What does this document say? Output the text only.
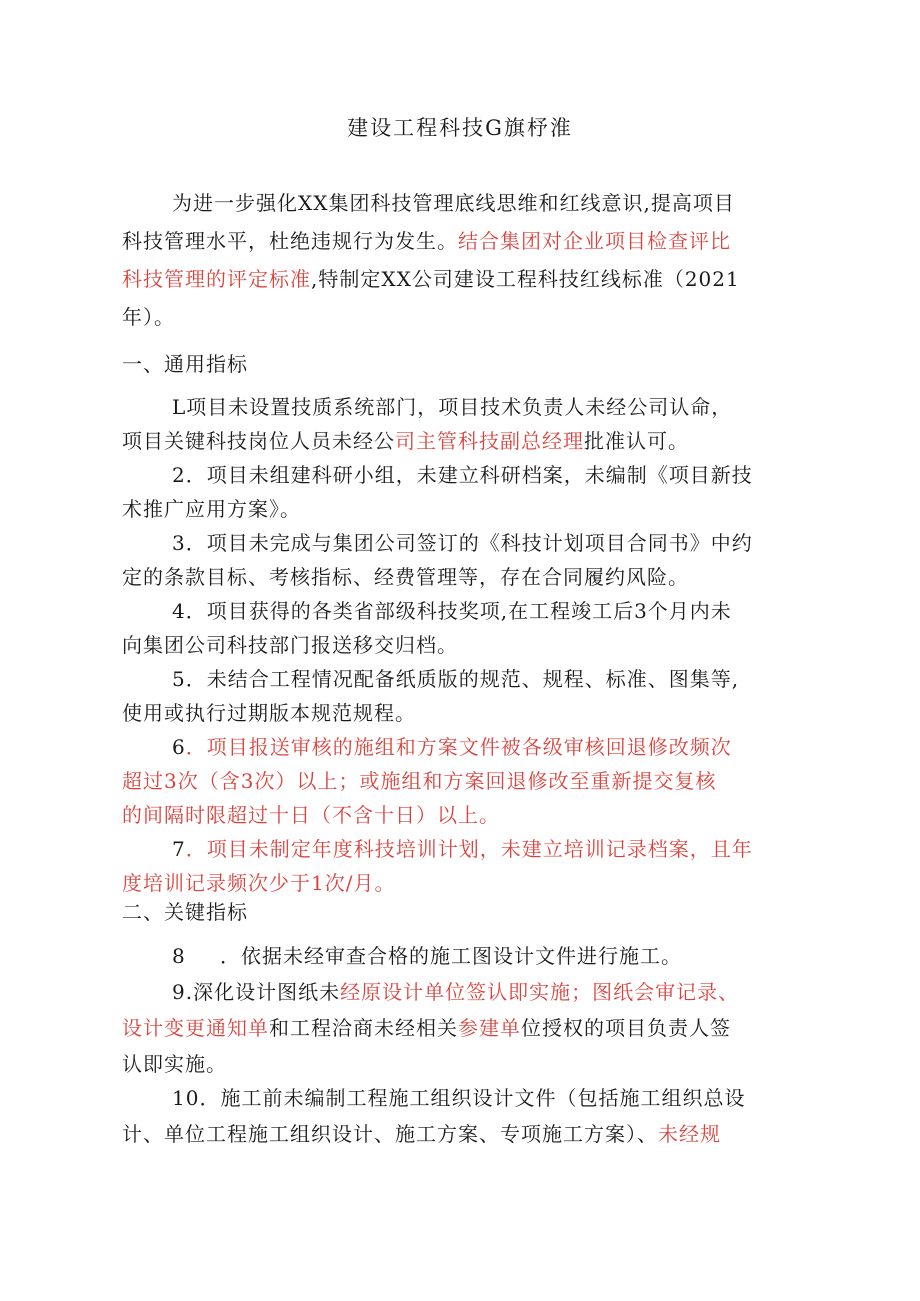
建设工程科技G旗杼淮
为进一步强化XX集团科技管理底线思维和红线意识,提高项目
科技管理水平，杜绝违规行为发生。结合集团对企业项目检查评比
科技管理的评定标准,特制定XX公司建设工程科技红线标准（2021
年）。
一、通用指标
L项目未设置技质系统部门，项目技术负责人未经公司认命，
项目关键科技岗位人员未经公司主管科技副总经理批准认可。
2．项目未组建科研小组，未建立科研档案，未编制《项目新技
术推广应用方案》。
3．项目未完成与集团公司签订的《科技计划项目合同书》中约
定的条款目标、考核指标、经费管理等，存在合同履约风险。
4．项目获得的各类省部级科技奖项,在工程竣工后3个月内未
向集团公司科技部门报送移交归档。
5．未结合工程情况配备纸质版的规范、规程、标准、图集等,
使用或执行过期版本规范规程。
6．项目报送审核的施组和方案文件被各级审核回退修改频次
超过3次（含3次）以上；或施组和方案回退修改至重新提交复核
的间隔时限超过十日（不含十日）以上。
7．项目未制定年度科技培训计划，未建立培训记录档案，且年
度培训记录频次少于1次/月。
二、关键指标
8 ．依据未经审查合格的施工图设计文件进行施工。
9.深化设计图纸未经原设计单位签认即实施；图纸会审记录、
设计变更通知单和工程洽商未经相关参建单位授权的项目负责人签
认即实施。
10．施工前未编制工程施工组织设计文件（包括施工组织总设
计、单位工程施工组织设计、施工方案、专项施工方案）、未经规
